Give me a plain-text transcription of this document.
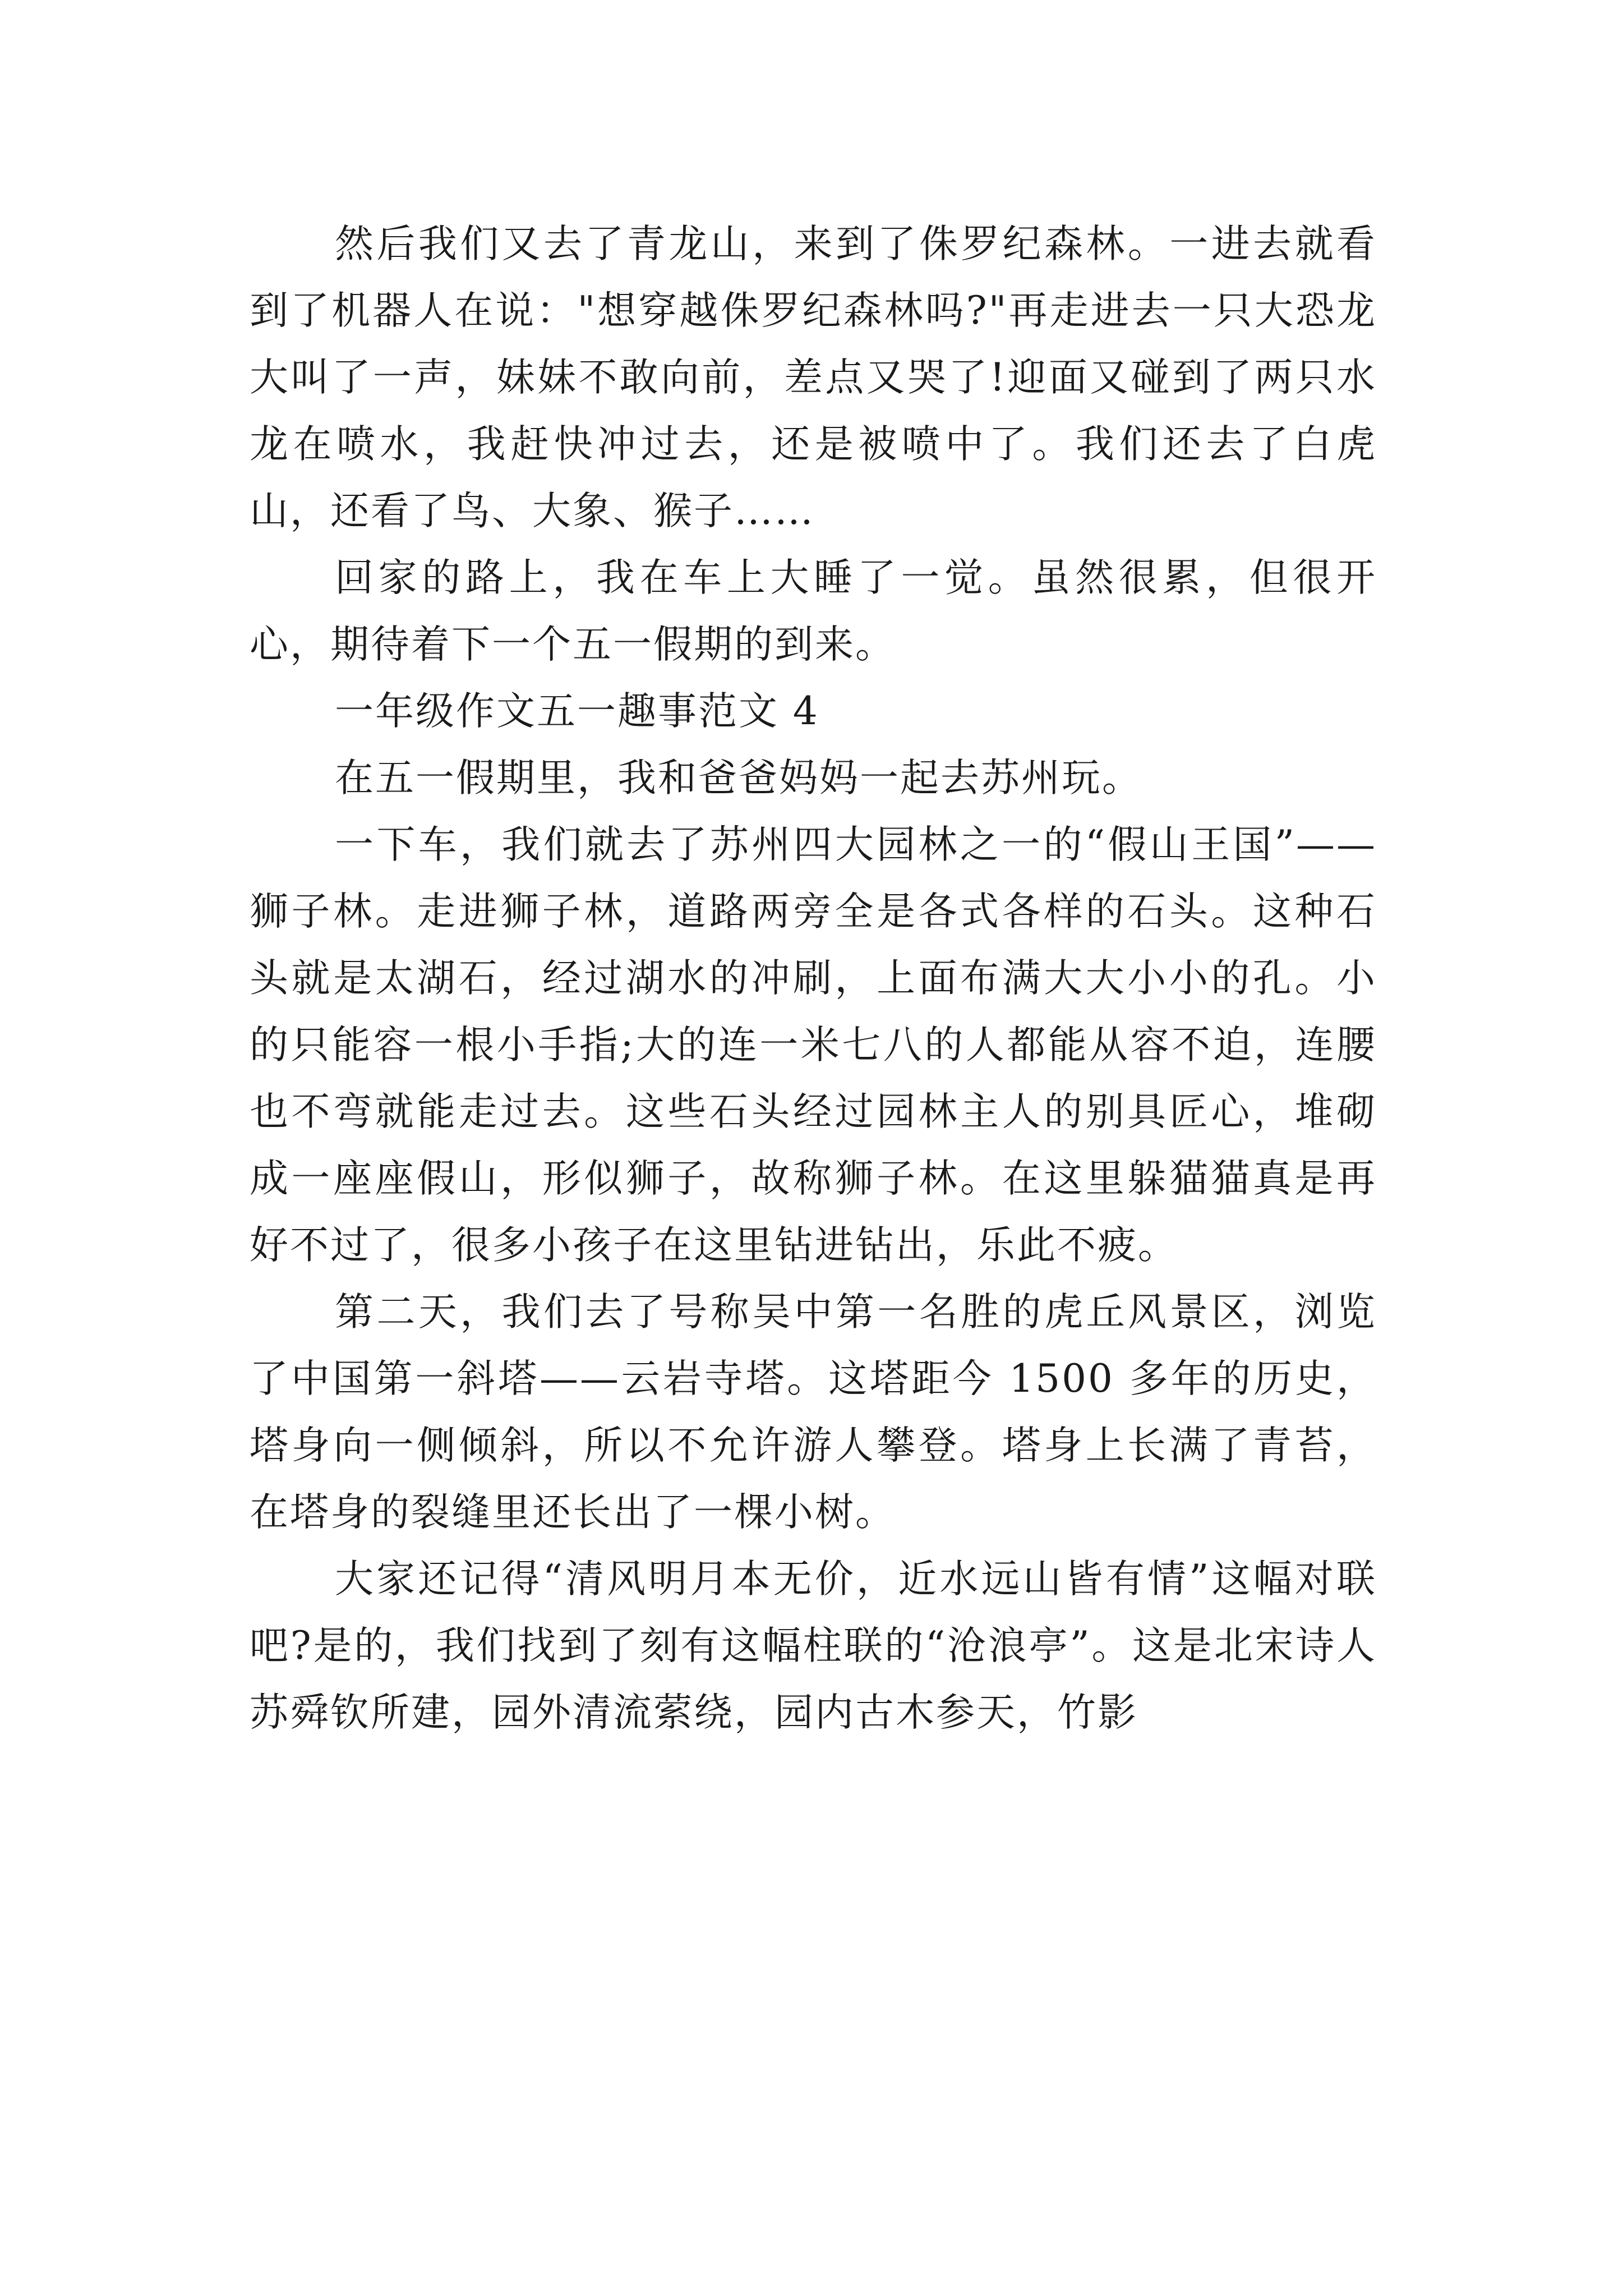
然后我们又去了青龙山，来到了侏罗纪森林。一进去就看到了机器人在说："想穿越侏罗纪森林吗?"再走进去一只大恐龙大叫了一声，妹妹不敢向前，差点又哭了!迎面又碰到了两只水龙在喷水，我赶快冲过去，还是被喷中了。我们还去了白虎山，还看了鸟、大象、猴子……

回家的路上，我在车上大睡了一觉。虽然很累，但很开心，期待着下一个五一假期的到来。

一年级作文五一趣事范文 4

在五一假期里，我和爸爸妈妈一起去苏州玩。

一下车，我们就去了苏州四大园林之一的“假山王国”——狮子林。走进狮子林，道路两旁全是各式各样的石头。这种石头就是太湖石，经过湖水的冲刷，上面布满大大小小的孔。小的只能容一根小手指;大的连一米七八的人都能从容不迫，连腰也不弯就能走过去。这些石头经过园林主人的别具匠心，堆砌成一座座假山，形似狮子，故称狮子林。在这里躲猫猫真是再好不过了，很多小孩子在这里钻进钻出，乐此不疲。

第二天，我们去了号称吴中第一名胜的虎丘风景区，浏览了中国第一斜塔——云岩寺塔。这塔距今 1500 多年的历史，塔身向一侧倾斜，所以不允许游人攀登。塔身上长满了青苔，在塔身的裂缝里还长出了一棵小树。

大家还记得“清风明月本无价，近水远山皆有情”这幅对联吧?是的，我们找到了刻有这幅柱联的“沧浪亭”。这是北宋诗人苏舜钦所建，园外清流萦绕，园内古木参天，竹影
